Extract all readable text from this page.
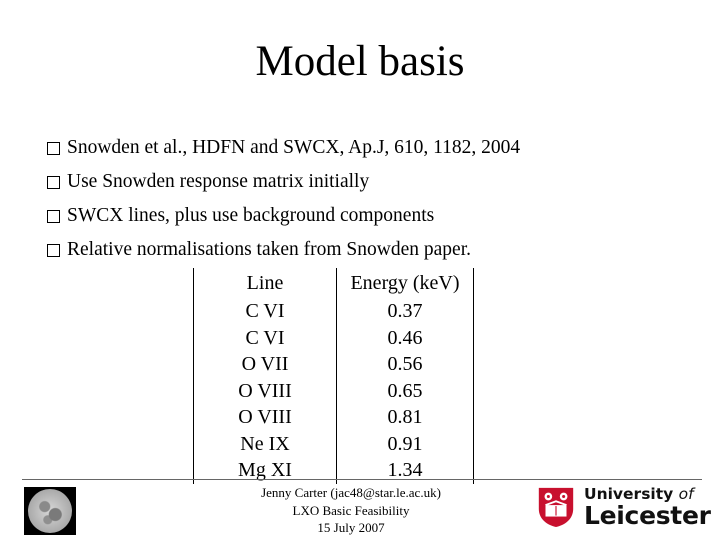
Model basis
Snowden et al., HDFN and SWCX, Ap.J, 610, 1182, 2004
Use Snowden response matrix initially
SWCX lines, plus use background components
Relative normalisations taken from Snowden paper.
Line	Energy (keV)
C VI	0.37
C VI	0.46
O VII	0.56
O VIII	0.65
O VIII	0.81
Ne IX	0.91
Mg XI	1.34
Jenny Carter (jac48@star.le.ac.uk)
LXO Basic Feasibility
15 July 2007
University of
Leicester
